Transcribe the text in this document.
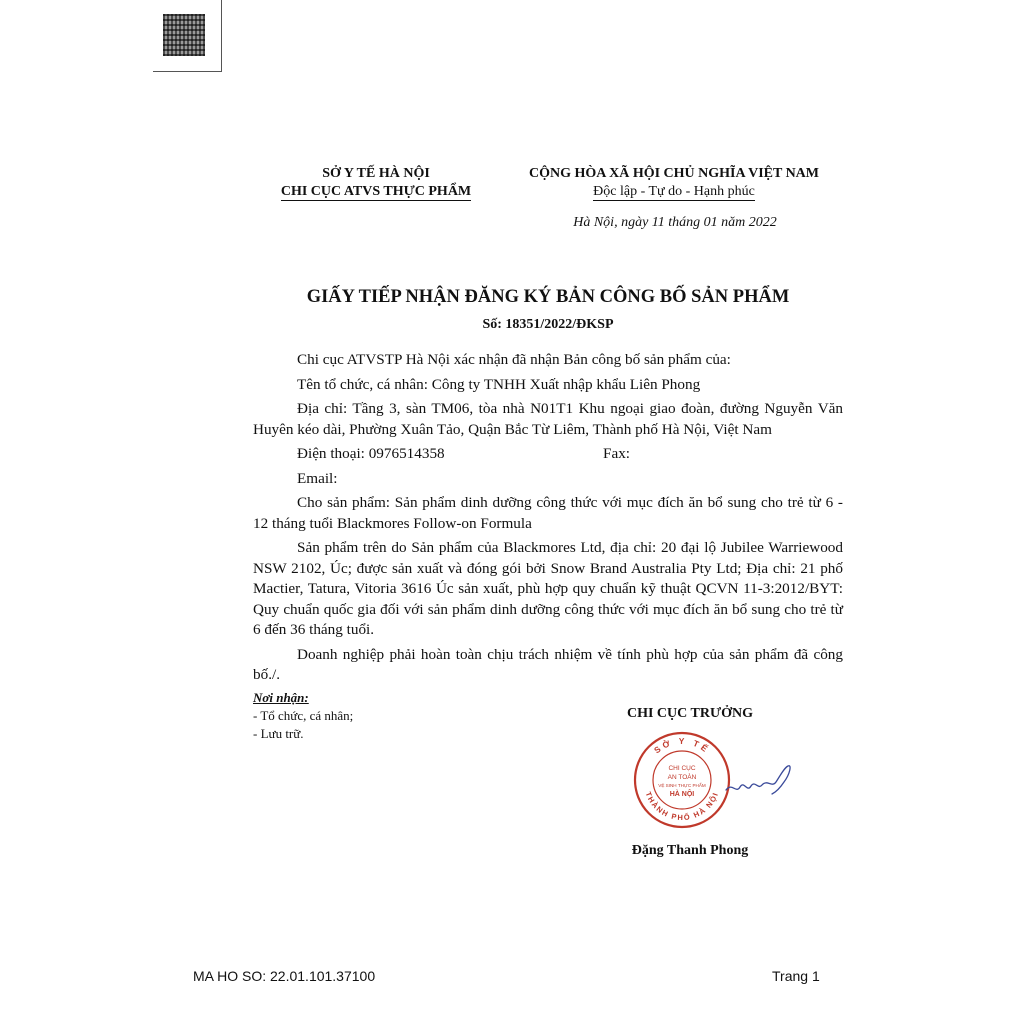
SỞ Y TẾ HÀ NỘI
CHI CỤC ATVS THỰC PHẨM
CỘNG HÒA XÃ HỘI CHỦ NGHĨA VIỆT NAM
Độc lập - Tự do - Hạnh phúc
Hà Nội, ngày 11 tháng 01 năm 2022
GIẤY TIẾP NHẬN ĐĂNG KÝ BẢN CÔNG BỐ SẢN PHẨM
Số: 18351/2022/ĐKSP

Chi cục ATVSTP Hà Nội xác nhận đã nhận Bản công bố sản phẩm của:

Tên tổ chức, cá nhân: Công ty TNHH Xuất nhập khẩu Liên Phong

Địa chỉ: Tầng 3, sàn TM06, tòa nhà N01T1 Khu ngoại giao đoàn, đường Nguyễn Văn Huyên kéo dài, Phường Xuân Tảo, Quận Bắc Từ Liêm, Thành phố Hà Nội, Việt Nam

Điện thoại: 0976514358	Fax:

Email:

Cho sản phẩm: Sản phẩm dinh dưỡng công thức với mục đích ăn bổ sung cho trẻ từ 6 - 12 tháng tuổi Blackmores Follow-on Formula

Sản phẩm trên do Sản phẩm của Blackmores Ltd, địa chỉ: 20 đại lộ Jubilee Warriewood NSW 2102, Úc; được sản xuất và đóng gói bởi Snow Brand Australia Pty Ltd; Địa chỉ: 21 phố Mactier, Tatura, Vitoria 3616 Úc sản xuất, phù hợp quy chuẩn kỹ thuật QCVN 11-3:2012/BYT: Quy chuẩn quốc gia đối với sản phẩm dinh dưỡng công thức với mục đích ăn bổ sung cho trẻ từ 6 đến 36 tháng tuổi.

Doanh nghiệp phải hoàn toàn chịu trách nhiệm về tính phù hợp của sản phẩm đã công bố./.

Nơi nhận:
- Tổ chức, cá nhân;
- Lưu trữ.
CHI CỤC TRƯỞNG
SỞ Y TẾ
THÀNH PHỐ HÀ NỘI
CHI CỤC
AN TOÀN
VỆ SINH THỰC PHẨM
HÀ NỘI
Đặng Thanh Phong
MA HO SO: 22.01.101.37100	Trang 1
